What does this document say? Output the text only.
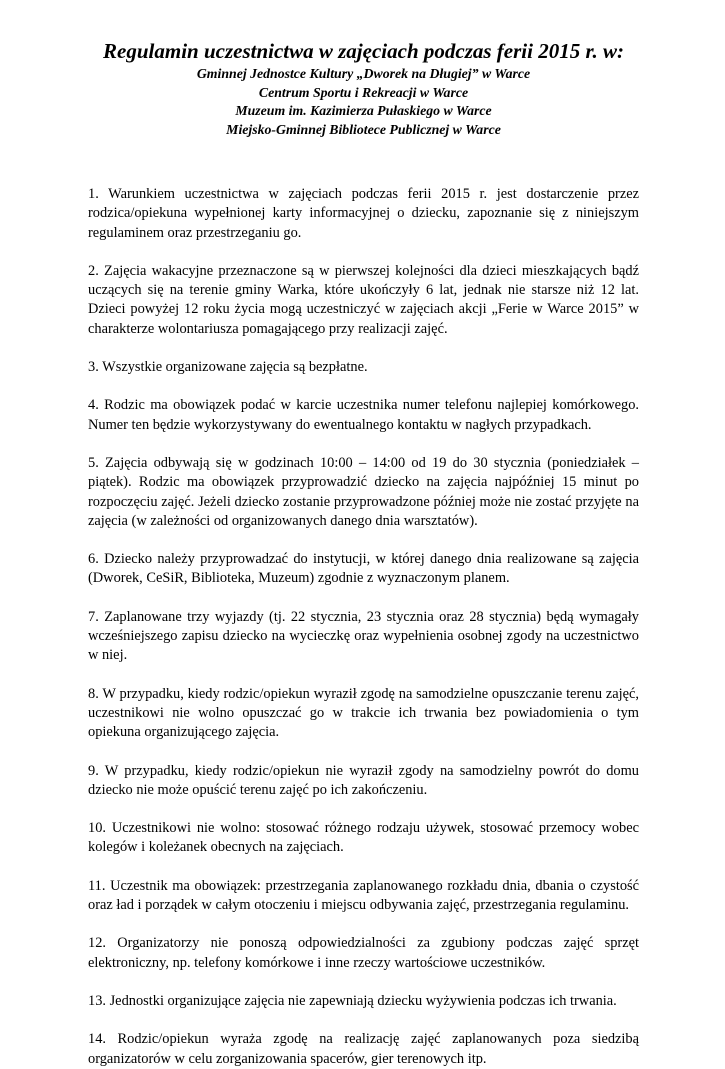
Regulamin uczestnictwa w zajęciach podczas ferii 2015 r. w:

Gminnej Jednostce Kultury „Dworek na Długiej” w Warce

Centrum Sportu i Rekreacji w Warce

Muzeum im. Kazimierza Pułaskiego w Warce

Miejsko-Gminnej Bibliotece Publicznej w Warce

1. Warunkiem uczestnictwa w zajęciach podczas ferii 2015 r. jest dostarczenie przez rodzica/opiekuna wypełnionej karty informacyjnej o dziecku, zapoznanie się z niniejszym regulaminem oraz przestrzeganiu go.

2. Zajęcia wakacyjne przeznaczone są w pierwszej kolejności dla dzieci mieszkających bądź uczących się na terenie gminy Warka, które ukończyły 6 lat, jednak nie starsze niż 12 lat. Dzieci powyżej 12 roku życia mogą uczestniczyć w zajęciach akcji „Ferie w Warce 2015” w charakterze wolontariusza pomagającego przy realizacji zajęć.

3. Wszystkie organizowane zajęcia są bezpłatne.

4. Rodzic ma obowiązek podać w karcie uczestnika numer telefonu najlepiej komórkowego. Numer ten będzie wykorzystywany do ewentualnego kontaktu w nagłych przypadkach.

5. Zajęcia odbywają się w godzinach 10:00 – 14:00 od 19 do 30 stycznia (poniedziałek – piątek). Rodzic ma obowiązek przyprowadzić dziecko na zajęcia najpóźniej 15 minut po rozpoczęciu zajęć. Jeżeli dziecko zostanie przyprowadzone później może nie zostać przyjęte na zajęcia (w zależności od organizowanych danego dnia warsztatów).

6. Dziecko należy przyprowadzać do instytucji, w której danego dnia realizowane są zajęcia (Dworek, CeSiR, Biblioteka, Muzeum) zgodnie z wyznaczonym planem.

7. Zaplanowane trzy wyjazdy (tj. 22 stycznia, 23 stycznia oraz 28 stycznia) będą wymagały wcześniejszego zapisu dziecko na wycieczkę oraz wypełnienia osobnej zgody na uczestnictwo w niej.

8. W przypadku, kiedy rodzic/opiekun wyraził zgodę na samodzielne opuszczanie terenu zajęć, uczestnikowi nie wolno opuszczać go w trakcie ich trwania bez powiadomienia o tym opiekuna organizującego zajęcia.

9. W przypadku, kiedy rodzic/opiekun nie wyraził zgody na samodzielny powrót do domu dziecko nie może opuścić terenu zajęć po ich zakończeniu.

10. Uczestnikowi nie wolno: stosować różnego rodzaju używek, stosować przemocy wobec kolegów i koleżanek obecnych na zajęciach.

11. Uczestnik ma obowiązek: przestrzegania zaplanowanego rozkładu dnia, dbania o czystość oraz ład i porządek w całym otoczeniu i miejscu odbywania zajęć, przestrzegania regulaminu.

12. Organizatorzy nie ponoszą odpowiedzialności za zgubiony podczas zajęć sprzęt elektroniczny, np. telefony komórkowe i inne rzeczy wartościowe uczestników.

13. Jednostki organizujące zajęcia nie zapewniają dziecku wyżywienia podczas ich trwania.

14. Rodzic/opiekun wyraża zgodę na realizację zajęć zaplanowanych poza siedzibą organizatorów w celu zorganizowania spacerów, gier terenowych itp.
